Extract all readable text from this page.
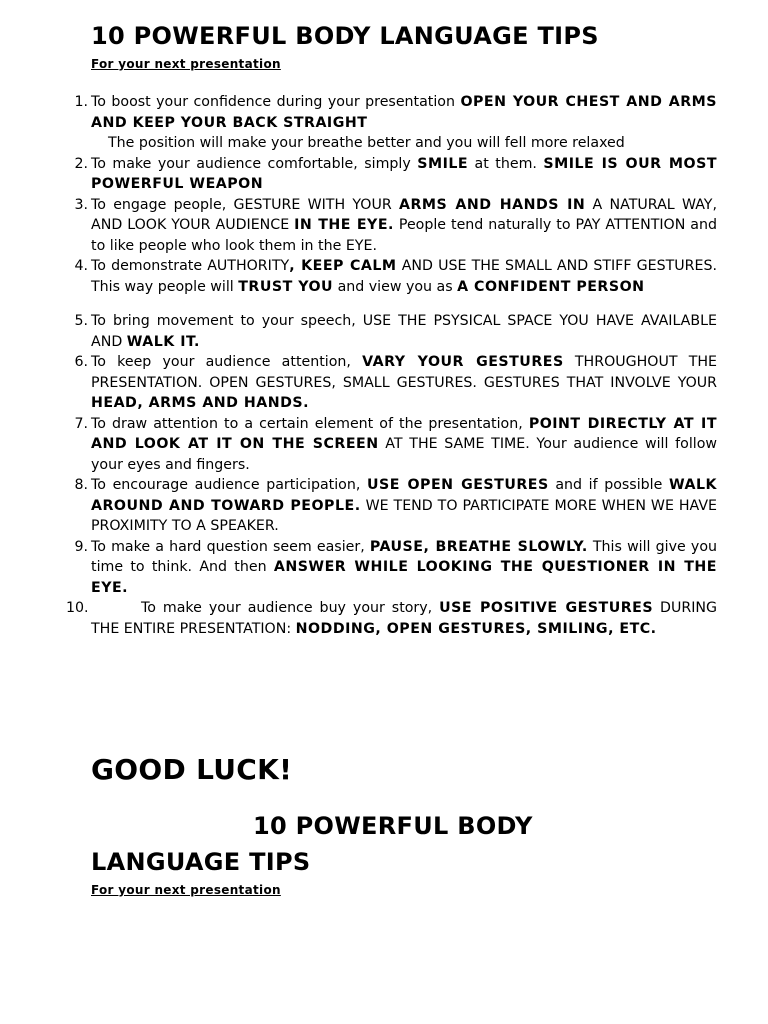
10 POWERFUL BODY LANGUAGE TIPS

For your next presentation

1. To boost your confidence during your presentation OPEN YOUR CHEST AND ARMS AND KEEP YOUR BACK STRAIGHT
The position will make your breathe better and you will fell more relaxed

2. To make your audience comfortable, simply SMILE at them. SMILE IS OUR MOST POWERFUL WEAPON

3. To engage people, GESTURE WITH YOUR ARMS AND HANDS IN A NATURAL WAY, AND LOOK YOUR AUDIENCE IN THE EYE. People tend naturally to PAY ATTENTION and to like people who look them in the EYE.

4. To demonstrate AUTHORITY, KEEP CALM AND USE THE SMALL AND STIFF GESTURES. This way people will TRUST YOU and view you as A CONFIDENT PERSON

5. To bring movement to your speech, USE THE PSYSICAL SPACE YOU HAVE AVAILABLE AND WALK IT.

6. To keep your audience attention, VARY YOUR GESTURES THROUGHOUT THE PRESENTATION. OPEN GESTURES, SMALL GESTURES. GESTURES THAT INVOLVE YOUR HEAD, ARMS AND HANDS.

7. To draw attention to a certain element of the presentation, POINT DIRECTLY AT IT AND LOOK AT IT ON THE SCREEN AT THE SAME TIME. Your audience will follow your eyes and fingers.

8. To encourage audience participation, USE OPEN GESTURES and if possible WALK AROUND AND TOWARD PEOPLE. WE TEND TO PARTICIPATE MORE WHEN WE HAVE PROXIMITY TO A SPEAKER.

9. To make a hard question seem easier, PAUSE, BREATHE SLOWLY. This will give you time to think. And then ANSWER WHILE LOOKING THE QUESTIONER IN THE EYE.

10.	To make your audience buy your story, USE POSITIVE GESTURES DURING THE ENTIRE PRESENTATION: NODDING, OPEN GESTURES, SMILING, ETC.

GOOD LUCK!
10 POWERFUL BODY
LANGUAGE TIPS

For your next presentation
